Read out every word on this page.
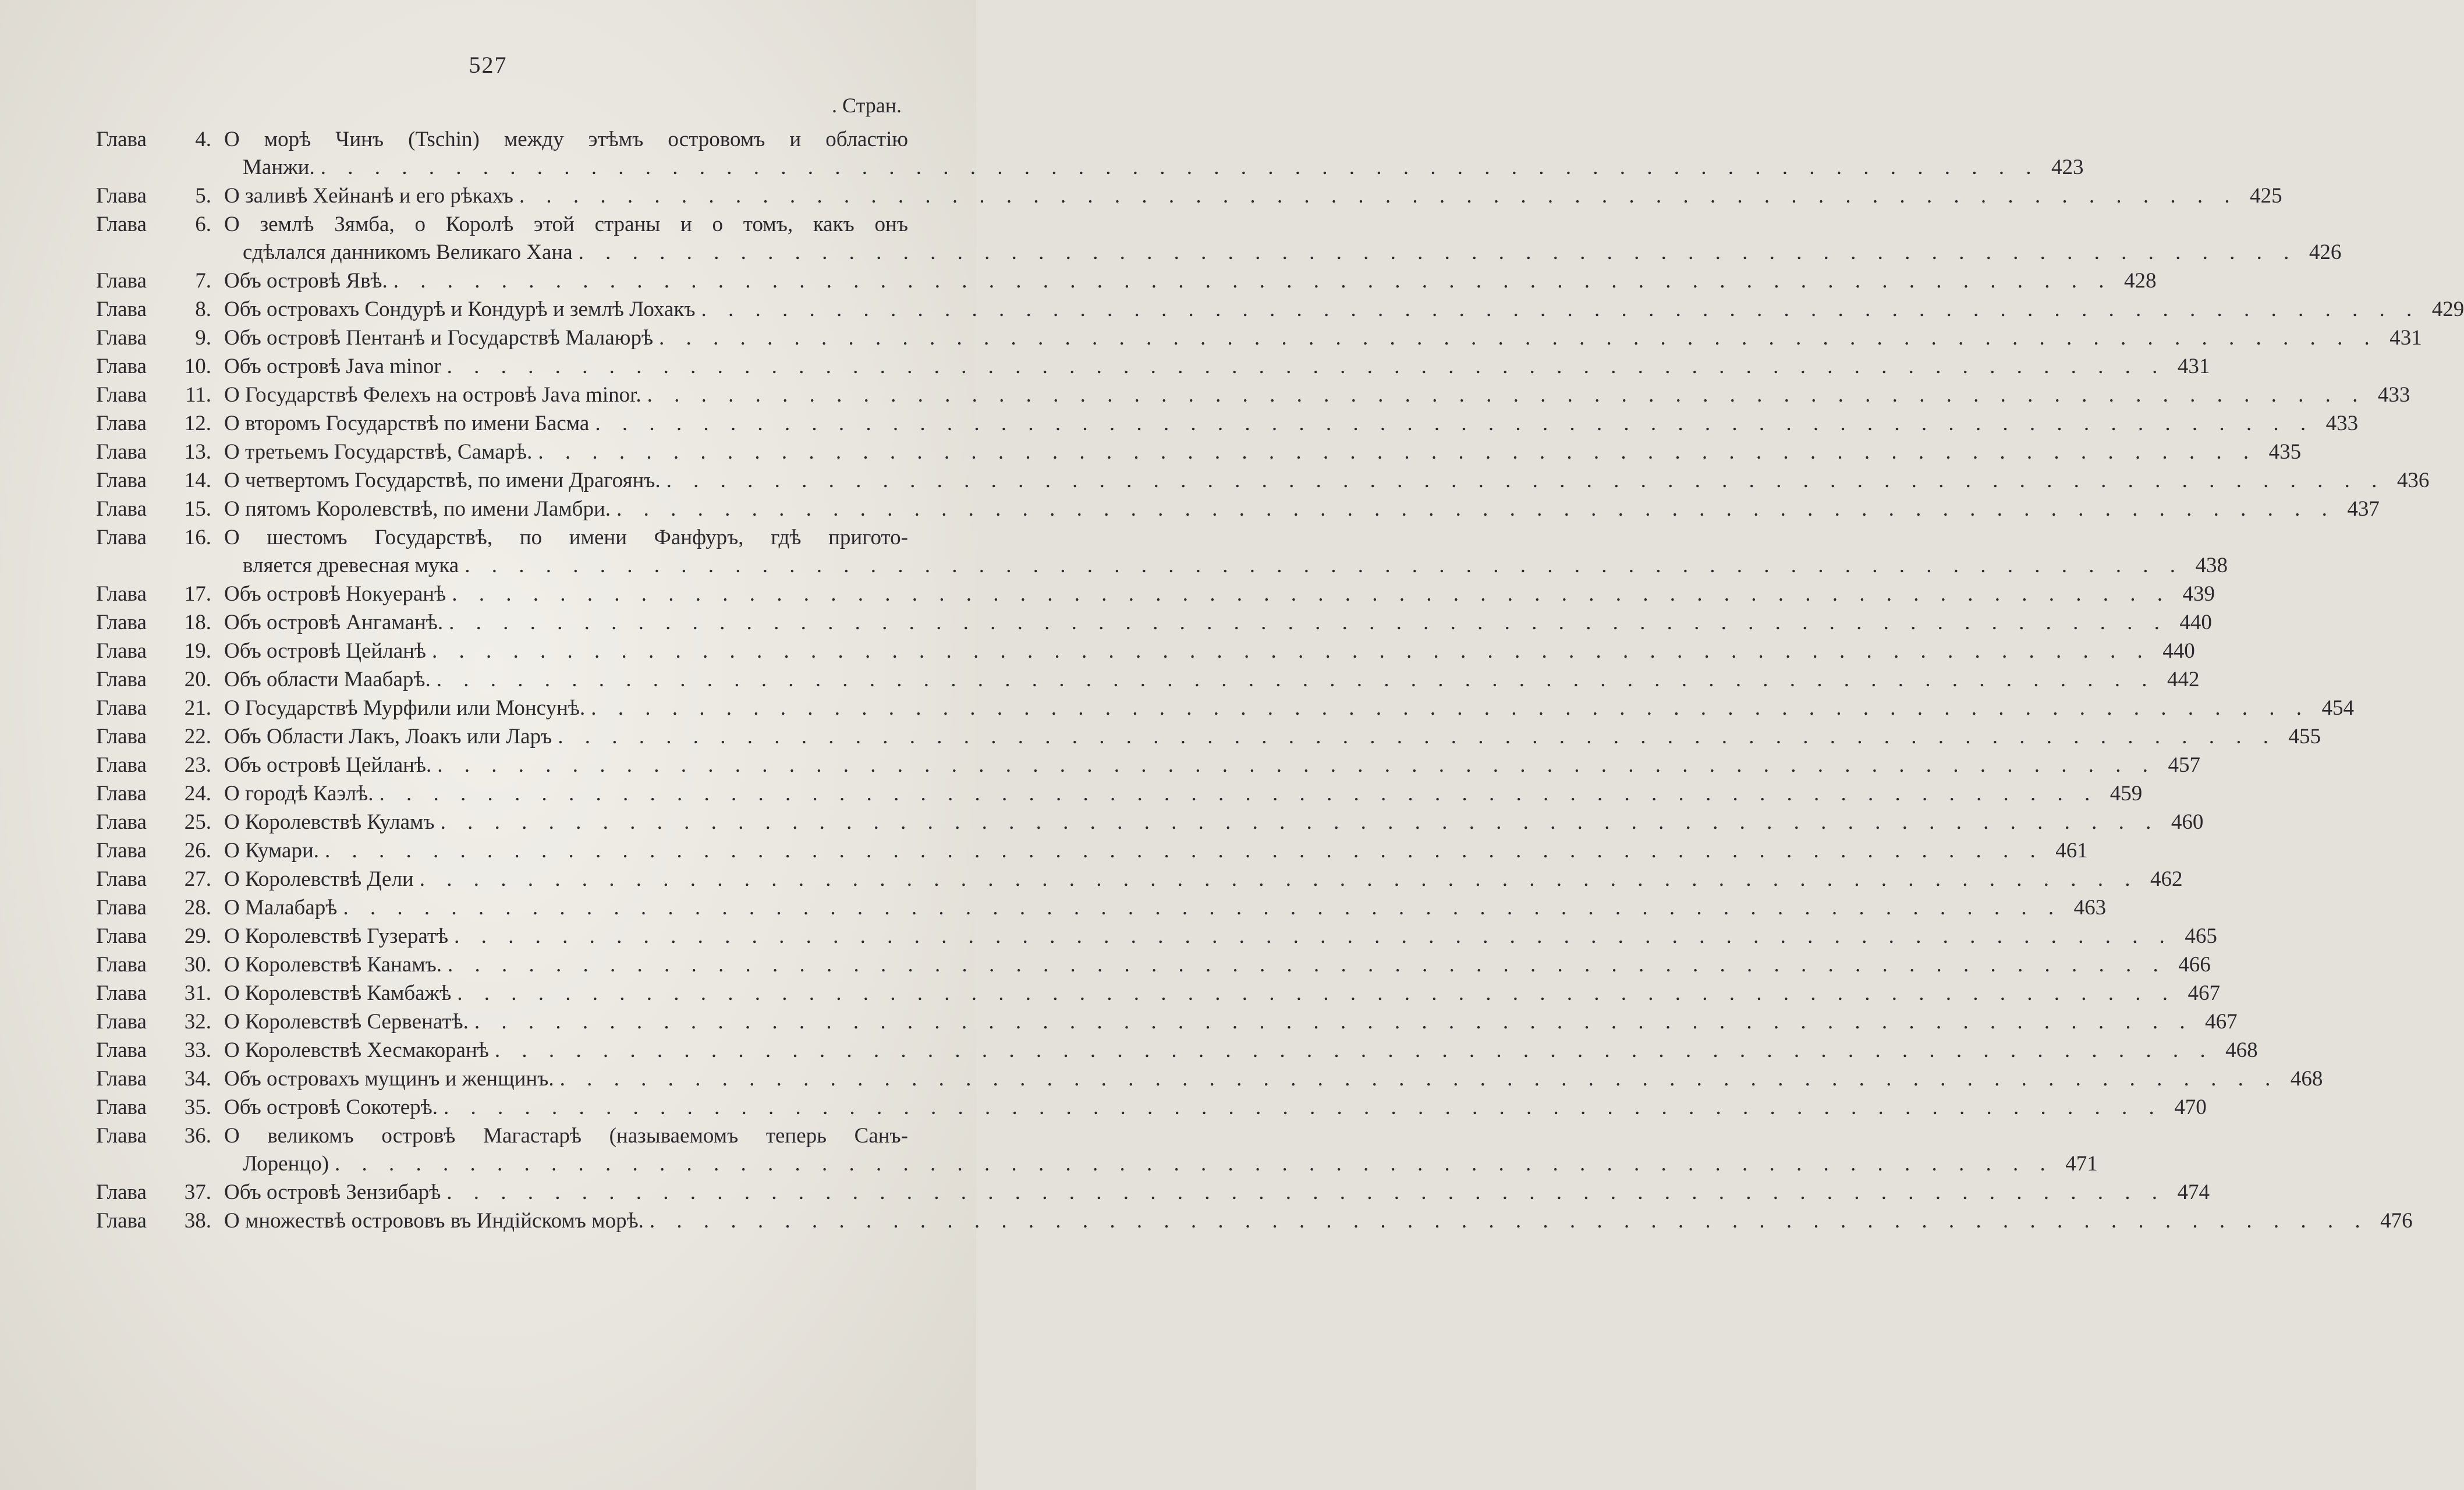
527
. Стран.
Глава	4. О морѣ Чинъ (Tschin) между этѣмъ островомъ и областію
Манжи. . . . . . . . . . . . . . . . . . . . . . . . . . . . . . . . . . . . . . . . . . . . . . . . . . . . . . . . . . . . . . . . . 423
Глава	5. О заливѣ Хейнанѣ и его рѣкахъ . . . . . . . . . . . . . . . . . . . . . . . . . . . . . . . . . . . . . . . . . . . . . . . . . . . . . . . . . . . . . . . . 425
Глава	6. О землѣ Зямба, о Королѣ этой страны и о томъ, какъ онъ
сдѣлался данникомъ Великаго Хана . . . . . . . . . . . . . . . . . . . . . . . . . . . . . . . . . . . . . . . . . . . . . . . . . . . . . . . . . . . . . . . . 426
Глава	7. Объ островѣ Явѣ. . . . . . . . . . . . . . . . . . . . . . . . . . . . . . . . . . . . . . . . . . . . . . . . . . . . . . . . . . . . . . . . . 428
Глава	8. Объ островахъ Сондурѣ и Кондурѣ и землѣ Лохакъ . . . . . . . . . . . . . . . . . . . . . . . . . . . . . . . . . . . . . . . . . . . . . . . . . . . . . . . . . . . . . . . . 429
Глава	9. Объ островѣ Пентанѣ и Государствѣ Малаюрѣ . . . . . . . . . . . . . . . . . . . . . . . . . . . . . . . . . . . . . . . . . . . . . . . . . . . . . . . . . . . . . . . . 431
Глава	10. Объ островѣ Java minor . . . . . . . . . . . . . . . . . . . . . . . . . . . . . . . . . . . . . . . . . . . . . . . . . . . . . . . . . . . . . . . . 431
Глава	11. О Государствѣ Фелехъ на островѣ Java minor. . . . . . . . . . . . . . . . . . . . . . . . . . . . . . . . . . . . . . . . . . . . . . . . . . . . . . . . . . . . . . . . . 433
Глава	12. О второмъ Государствѣ по имени Басма . . . . . . . . . . . . . . . . . . . . . . . . . . . . . . . . . . . . . . . . . . . . . . . . . . . . . . . . . . . . . . . . 433
Глава	13. О третьемъ Государствѣ, Самарѣ. . . . . . . . . . . . . . . . . . . . . . . . . . . . . . . . . . . . . . . . . . . . . . . . . . . . . . . . . . . . . . . . . 435
Глава	14. О четвертомъ Государствѣ, по имени Драгоянъ. . . . . . . . . . . . . . . . . . . . . . . . . . . . . . . . . . . . . . . . . . . . . . . . . . . . . . . . . . . . . . . . . 436
Глава	15. О пятомъ Королевствѣ, по имени Ламбри. . . . . . . . . . . . . . . . . . . . . . . . . . . . . . . . . . . . . . . . . . . . . . . . . . . . . . . . . . . . . . . . . 437
Глава	16. О шестомъ Государствѣ, по имени Фанфуръ, гдѣ пригото-
вляется древесная мука . . . . . . . . . . . . . . . . . . . . . . . . . . . . . . . . . . . . . . . . . . . . . . . . . . . . . . . . . . . . . . . . 438
Глава	17. Объ островѣ Нокуеранѣ . . . . . . . . . . . . . . . . . . . . . . . . . . . . . . . . . . . . . . . . . . . . . . . . . . . . . . . . . . . . . . . . 439
Глава	18. Объ островѣ Ангаманѣ. . . . . . . . . . . . . . . . . . . . . . . . . . . . . . . . . . . . . . . . . . . . . . . . . . . . . . . . . . . . . . . . . 440
Глава	19. Объ островѣ Цейланѣ . . . . . . . . . . . . . . . . . . . . . . . . . . . . . . . . . . . . . . . . . . . . . . . . . . . . . . . . . . . . . . . . 440
Глава	20. Объ области Маабарѣ. . . . . . . . . . . . . . . . . . . . . . . . . . . . . . . . . . . . . . . . . . . . . . . . . . . . . . . . . . . . . . . . . 442
Глава	21. О Государствѣ Мурфили или Монсунѣ. . . . . . . . . . . . . . . . . . . . . . . . . . . . . . . . . . . . . . . . . . . . . . . . . . . . . . . . . . . . . . . . . 454
Глава	22. Объ Области Лакъ, Лоакъ или Ларъ . . . . . . . . . . . . . . . . . . . . . . . . . . . . . . . . . . . . . . . . . . . . . . . . . . . . . . . . . . . . . . . . 455
Глава	23. Объ островѣ Цейланѣ. . . . . . . . . . . . . . . . . . . . . . . . . . . . . . . . . . . . . . . . . . . . . . . . . . . . . . . . . . . . . . . . . 457
Глава	24. О городѣ Каэлѣ. . . . . . . . . . . . . . . . . . . . . . . . . . . . . . . . . . . . . . . . . . . . . . . . . . . . . . . . . . . . . . . . . 459
Глава	25. О Королевствѣ Куламъ . . . . . . . . . . . . . . . . . . . . . . . . . . . . . . . . . . . . . . . . . . . . . . . . . . . . . . . . . . . . . . . . 460
Глава	26. О Кумари. . . . . . . . . . . . . . . . . . . . . . . . . . . . . . . . . . . . . . . . . . . . . . . . . . . . . . . . . . . . . . . . . 461
Глава	27. О Королевствѣ Дели . . . . . . . . . . . . . . . . . . . . . . . . . . . . . . . . . . . . . . . . . . . . . . . . . . . . . . . . . . . . . . . . 462
Глава	28. О Малабарѣ . . . . . . . . . . . . . . . . . . . . . . . . . . . . . . . . . . . . . . . . . . . . . . . . . . . . . . . . . . . . . . . . 463
Глава	29. О Королевствѣ Гузератѣ . . . . . . . . . . . . . . . . . . . . . . . . . . . . . . . . . . . . . . . . . . . . . . . . . . . . . . . . . . . . . . . . 465
Глава	30. О Королевствѣ Канамъ. . . . . . . . . . . . . . . . . . . . . . . . . . . . . . . . . . . . . . . . . . . . . . . . . . . . . . . . . . . . . . . . . 466
Глава	31. О Королевствѣ Камбажѣ . . . . . . . . . . . . . . . . . . . . . . . . . . . . . . . . . . . . . . . . . . . . . . . . . . . . . . . . . . . . . . . . 467
Глава	32. О Королевствѣ Сервенатѣ. . . . . . . . . . . . . . . . . . . . . . . . . . . . . . . . . . . . . . . . . . . . . . . . . . . . . . . . . . . . . . . . . 467
Глава	33. О Королевствѣ Хесмакоранѣ . . . . . . . . . . . . . . . . . . . . . . . . . . . . . . . . . . . . . . . . . . . . . . . . . . . . . . . . . . . . . . . . 468
Глава	34. Объ островахъ мущинъ и женщинъ. . . . . . . . . . . . . . . . . . . . . . . . . . . . . . . . . . . . . . . . . . . . . . . . . . . . . . . . . . . . . . . . . 468
Глава	35. Объ островѣ Сокотерѣ. . . . . . . . . . . . . . . . . . . . . . . . . . . . . . . . . . . . . . . . . . . . . . . . . . . . . . . . . . . . . . . . . 470
Глава	36. О великомъ островѣ Магастарѣ (называемомъ теперь Санъ-
Лоренцо) . . . . . . . . . . . . . . . . . . . . . . . . . . . . . . . . . . . . . . . . . . . . . . . . . . . . . . . . . . . . . . . . 471
Глава	37. Объ островѣ Зензибарѣ . . . . . . . . . . . . . . . . . . . . . . . . . . . . . . . . . . . . . . . . . . . . . . . . . . . . . . . . . . . . . . . . 474
Глава	38. О множествѣ острововъ въ Индійскомъ морѣ. . . . . . . . . . . . . . . . . . . . . . . . . . . . . . . . . . . . . . . . . . . . . . . . . . . . . . . . . . . . . . . . . 476
